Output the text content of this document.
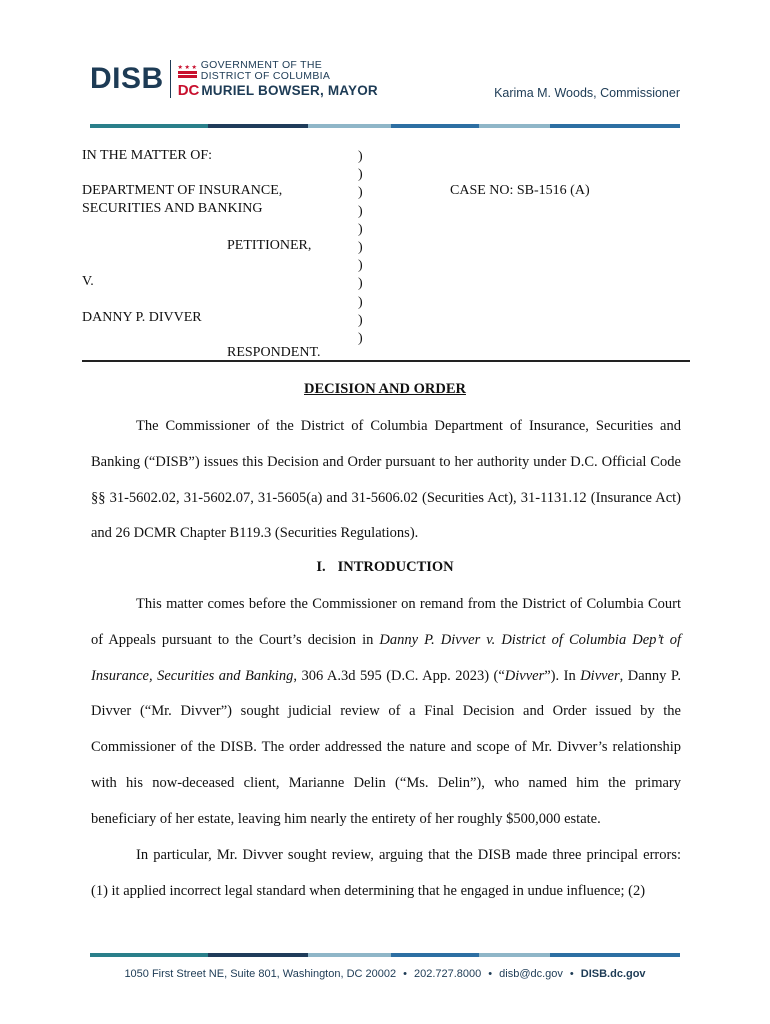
DISB	GOVERNMENT OF THE
DISTRICT OF COLUMBIA
DC MURIEL BOWSER, MAYOR	Karima M. Woods, Commissioner
IN THE MATTER OF:
DEPARTMENT OF INSURANCE,
SECURITIES AND BANKING
PETITIONER,
V.
DANNY P. DIVVER
RESPONDENT.
)
)
)
)
)
)
)
)
)
)
)
CASE NO: SB-1516 (A)
DECISION AND ORDER

The Commissioner of the District of Columbia Department of Insurance, Securities and Banking (“DISB”) issues this Decision and Order pursuant to her authority under D.C. Official Code §§ 31-5602.02, 31-5602.07, 31-5605(a) and 31-5606.02 (Securities Act), 31-1131.12 (Insurance Act) and 26 DCMR Chapter B119.3 (Securities Regulations).

I. INTRODUCTION

This matter comes before the Commissioner on remand from the District of Columbia Court of Appeals pursuant to the Court’s decision in Danny P. Divver v. District of Columbia Dep’t of Insurance, Securities and Banking, 306 A.3d 595 (D.C. App. 2023) (“Divver”). In Divver, Danny P. Divver (“Mr. Divver”) sought judicial review of a Final Decision and Order issued by the Commissioner of the DISB. The order addressed the nature and scope of Mr. Divver’s relationship with his now-deceased client, Marianne Delin (“Ms. Delin”), who named him the primary beneficiary of her estate, leaving him nearly the entirety of her roughly $500,000 estate.

In particular, Mr. Divver sought review, arguing that the DISB made three principal errors: (1) it applied incorrect legal standard when determining that he engaged in undue influence; (2)

1050 First Street NE, Suite 801, Washington, DC 20002 • 202.727.8000 • disb@dc.gov • DISB.dc.gov
